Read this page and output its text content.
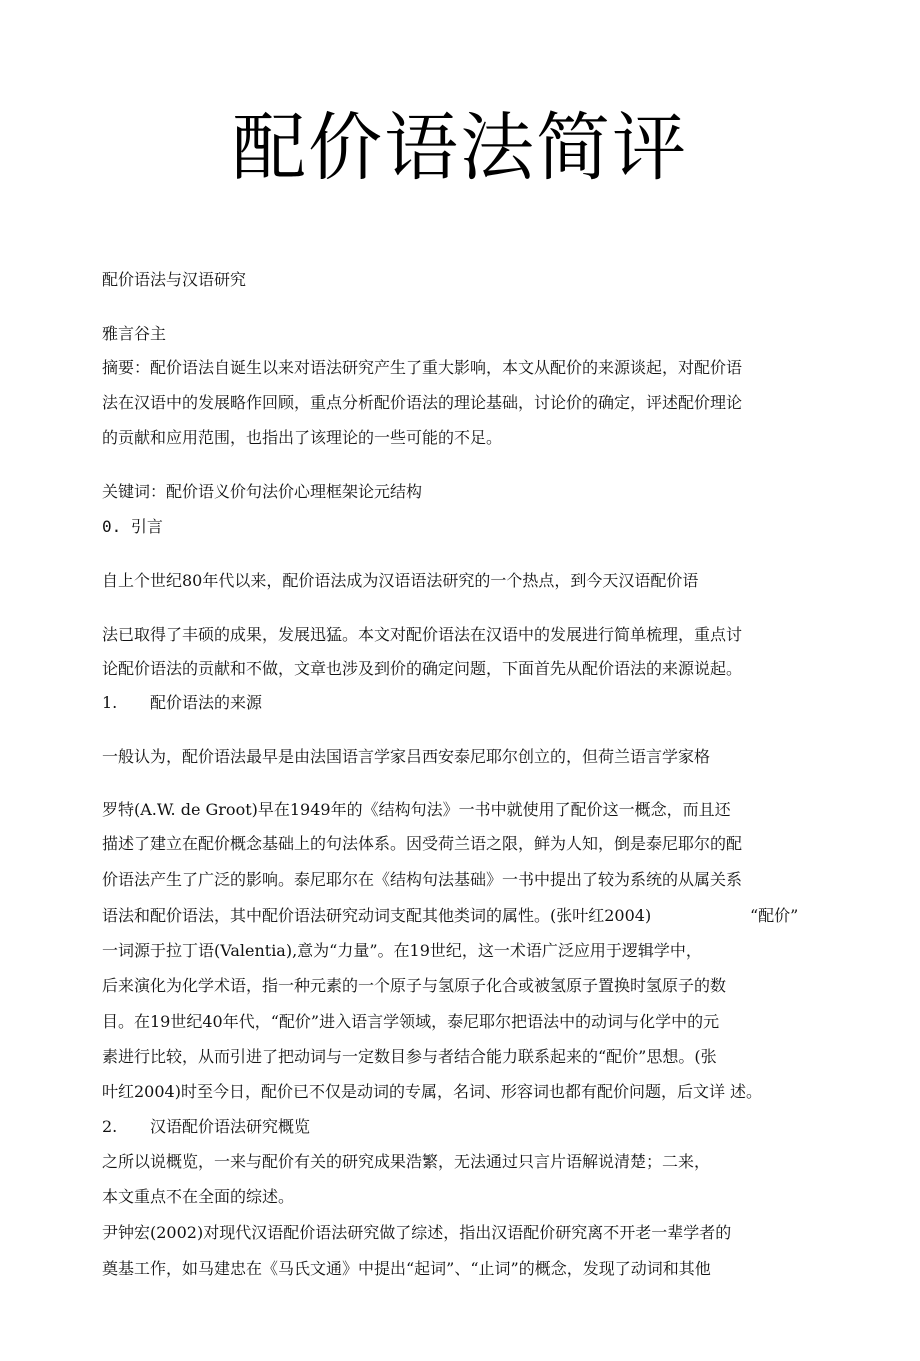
配价语法简评
配价语法与汉语研究
雅言谷主
摘要：配价语法自诞生以来对语法研究产生了重大影响，本文从配价的来源谈起，对配价语
法在汉语中的发展略作回顾，重点分析配价语法的理论基础，讨论价的确定，评述配价理论
的贡献和应用范围，也指出了该理论的一些可能的不足。
关键词：配价语义价句法价心理框架论元结构
0. 引言
自上个世纪80年代以来，配价语法成为汉语语法研究的一个热点，到今天汉语配价语
法已取得了丰硕的成果，发展迅猛。本文对配价语法在汉语中的发展进行简单梳理，重点讨
论配价语法的贡献和不做，文章也涉及到价的确定问题，下面首先从配价语法的来源说起。
1. 配价语法的来源
一般认为，配价语法最早是由法国语言学家吕西安泰尼耶尔创立的，但荷兰语言学家格
罗特(A.W. de Groot)早在1949年的《结构句法》一书中就使用了配价这一概念，而且还
描述了建立在配价概念基础上的句法体系。因受荷兰语之限，鲜为人知，倒是泰尼耶尔的配
价语法产生了广泛的影响。泰尼耶尔在《结构句法基础》一书中提出了较为系统的从属关系
语法和配价语法，其中配价语法研究动词支配其他类词的属性。(张叶红2004)	“配价”
一词源于拉丁语(Valentia),意为“力量”。在19世纪，这一术语广泛应用于逻辑学中，
后来演化为化学术语，指一种元素的一个原子与氢原子化合或被氢原子置换时氢原子的数
目。在19世纪40年代，“配价”进入语言学领域，泰尼耶尔把语法中的动词与化学中的元
素进行比较，从而引进了把动词与一定数目参与者结合能力联系起来的“配价”思想。(张
叶红2004)时至今日，配价已不仅是动词的专属，名词、形容词也都有配价问题，后文详 述。
2. 汉语配价语法研究概览
之所以说概览，一来与配价有关的研究成果浩繁，无法通过只言片语解说清楚；二来，
本文重点不在全面的综述。
尹钟宏(2002)对现代汉语配价语法研究做了综述，指出汉语配价研究离不开老一辈学者的
奠基工作，如马建忠在《马氏文通》中提出“起词”、“止词”的概念，发现了动词和其他
